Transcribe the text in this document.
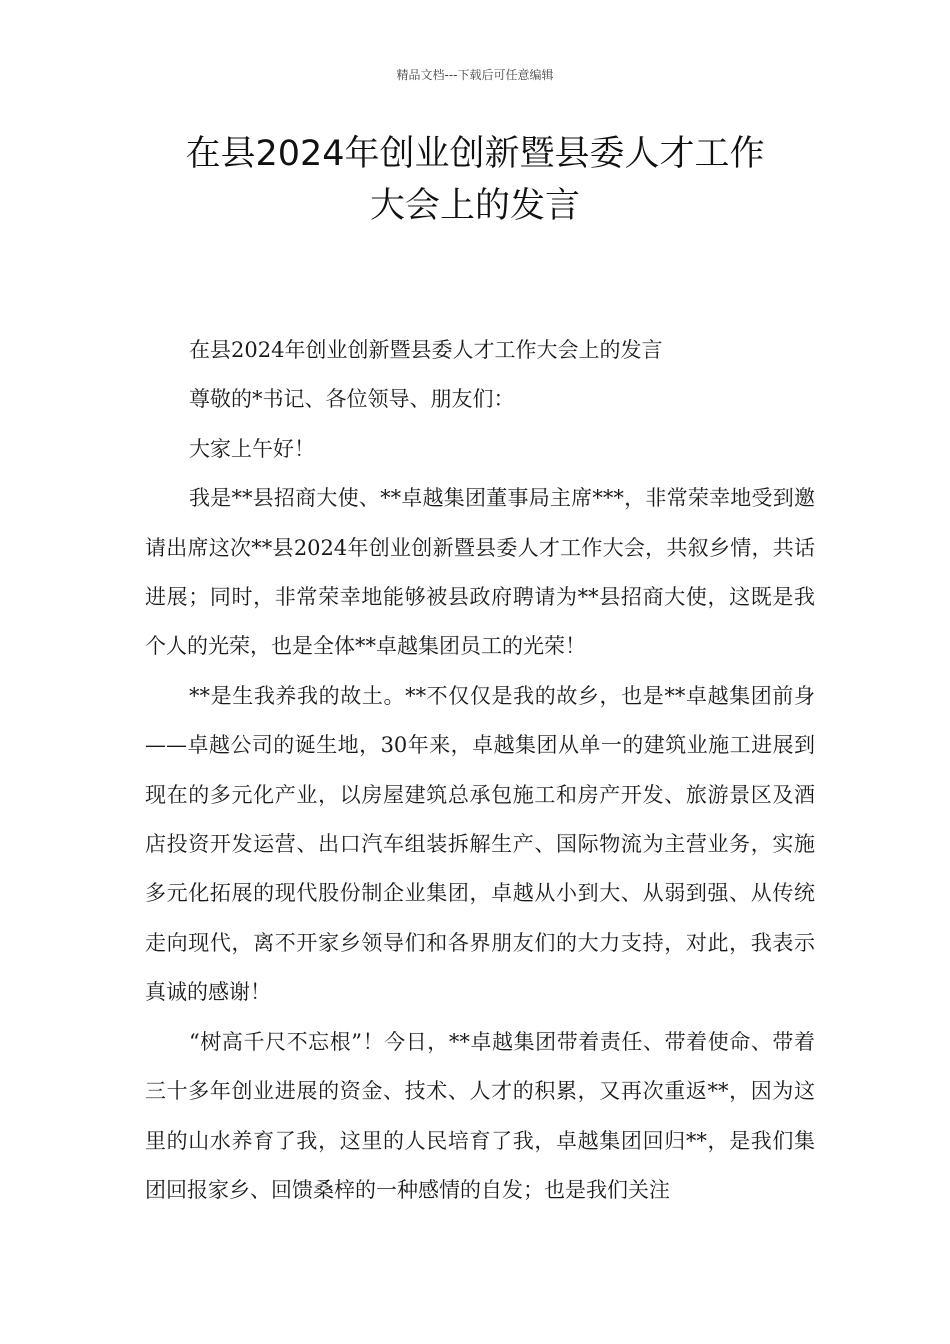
精品文档---下载后可任意编辑
在县2024年创业创新暨县委人才工作
大会上的发言

在县2024年创业创新暨县委人才工作大会上的发言

尊敬的*书记、各位领导、朋友们：

大家上午好！

我是**县招商大使、**卓越集团董事局主席***，非常荣幸地受到邀请出席这次**县2024年创业创新暨县委人才工作大会，共叙乡情，共话进展；同时，非常荣幸地能够被县政府聘请为**县招商大使，这既是我个人的光荣，也是全体**卓越集团员工的光荣！

**是生我养我的故土。**不仅仅是我的故乡，也是**卓越集团前身——卓越公司的诞生地，30年来，卓越集团从单一的建筑业施工进展到现在的多元化产业，以房屋建筑总承包施工和房产开发、旅游景区及酒店投资开发运营、出口汽车组装拆解生产、国际物流为主营业务，实施多元化拓展的现代股份制企业集团，卓越从小到大、从弱到强、从传统走向现代，离不开家乡领导们和各界朋友们的大力支持，对此，我表示真诚的感谢！

“树高千尺不忘根”！今日，**卓越集团带着责任、带着使命、带着三十多年创业进展的资金、技术、人才的积累，又再次重返**，因为这里的山水养育了我，这里的人民培育了我，卓越集团回归**，是我们集团回报家乡、回馈桑梓的一种感情的自发；也是我们关注
